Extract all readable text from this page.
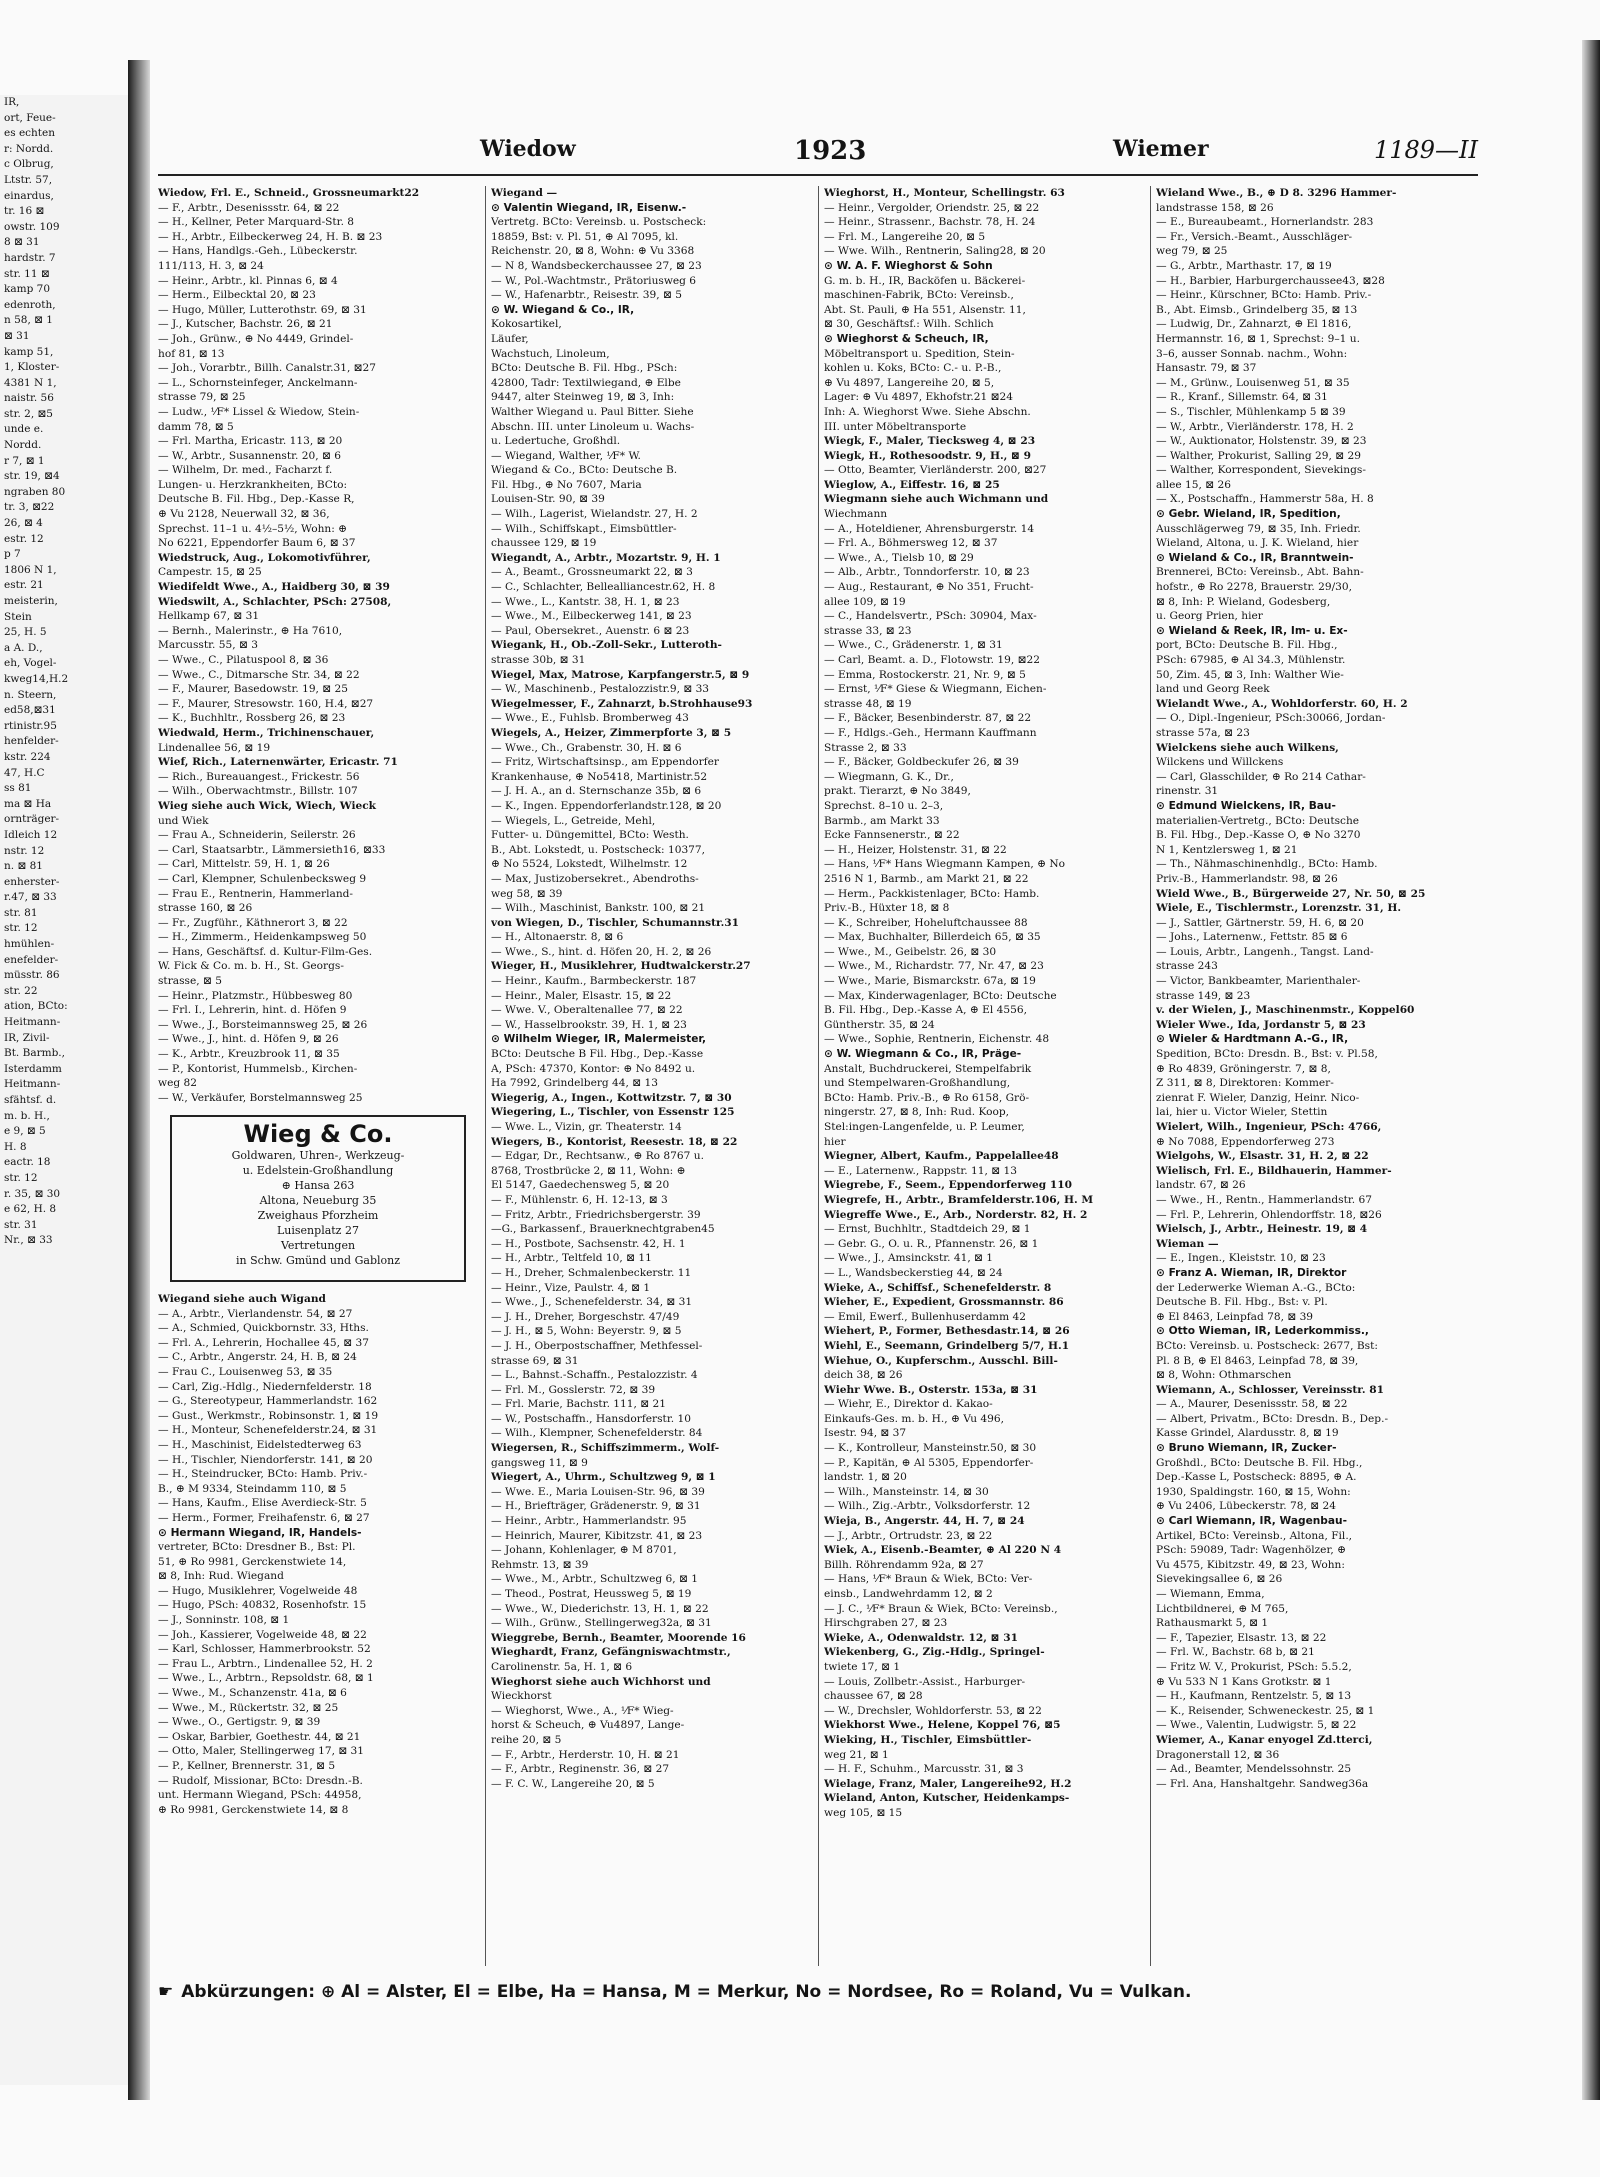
IR,
ort, Feue-
es echten
r: Nordd.
c Olbrug,
Ltstr. 57,
einardus,
tr. 16 ⊠
owstr. 109
8 ⊠ 31
hardstr. 7
str. 11 ⊠
kamp 70
edenroth,
n 58, ⊠ 1
⊠ 31
kamp 51,
1, Kloster-
4381 N 1,
naistr. 56
str. 2, ⊠5
unde e.
Nordd.
r 7, ⊠ 1
str. 19, ⊠4
ngraben 80
tr. 3, ⊠22
26, ⊠ 4
estr. 12
p 7
1806 N 1,
estr. 21
meisterin,
Stein
25, H. 5
a A. D.,
eh, Vogel-
kweg14,H.2
n. Steern,
ed58,⊠31
rtinistr.95
henfelder-
kstr. 224
47, H.C
ss 81
ma ⊠ Ha
ornträger-
Idleich 12
nstr. 12
n. ⊠ 81
enherster-
r.47, ⊠ 33
str. 81
str. 12
hmühlen-
enefelder-
müsstr. 86
str. 22
ation, BCto:
Heitmann-
IR, Zivil-
Bt. Barmb.,
Isterdamm
Heitmann-
sfähtsf. d.
m. b. H.,
e 9, ⊠ 5
H. 8
eactr. 18
str. 12
r. 35, ⊠ 30
e 62, H. 8
str. 31
Nr., ⊠ 33
Wiedow	1923	Wiemer	1189—II
Wiedow, Frl. E., Schneid., Grossneumarkt22
— F., Arbtr., Desenissstr. 64, ⊠ 22
— H., Kellner, Peter Marquard-Str. 8
— H., Arbtr., Eilbeckerweg 24, H. B. ⊠ 23
— Hans, Handlgs.-Geh., Lübeckerstr.
111/113, H. 3, ⊠ 24
— Heinr., Arbtr., kl. Pinnas 6, ⊠ 4
— Herm., Eilbecktal 20, ⊠ 23
— Hugo, Müller, Lutterothstr. 69, ⊠ 31
— J., Kutscher, Bachstr. 26, ⊠ 21
— Joh., Grünw., ⊕ No 4449, Grindel-
hof 81, ⊠ 13
— Joh., Vorarbtr., Billh. Canalstr.31, ⊠27
— L., Schornsteinfeger, Anckelmann-
strasse 79, ⊠ 25
— Ludw., ⅟F* Lissel & Wiedow, Stein-
damm 78, ⊠ 5
— Frl. Martha, Ericastr. 113, ⊠ 20
— W., Arbtr., Susannenstr. 20, ⊠ 6
— Wilhelm, Dr. med., Facharzt f.
Lungen- u. Herzkrankheiten, BCto:
Deutsche B. Fil. Hbg., Dep.-Kasse R,
⊕ Vu 2128, Neuerwall 32, ⊠ 36,
Sprechst. 11–1 u. 4½–5½, Wohn: ⊕
No 6221, Eppendorfer Baum 6, ⊠ 37
Wiedstruck, Aug., Lokomotivführer,
Campestr. 15, ⊠ 25
Wiedifeldt Wwe., A., Haidberg 30, ⊠ 39
Wiedswilt, A., Schlachter, PSch: 27508,
Hellkamp 67, ⊠ 31
— Bernh., Malerinstr., ⊕ Ha 7610,
Marcusstr. 55, ⊠ 3
— Wwe., C., Pilatuspool 8, ⊠ 36
— Wwe., C., Ditmarsche Str. 34, ⊠ 22
— F., Maurer, Basedowstr. 19, ⊠ 25
— F., Maurer, Stresowstr. 160, H.4, ⊠27
— K., Buchhltr., Rossberg 26, ⊠ 23
Wiedwald, Herm., Trichinenschauer,
Lindenallee 56, ⊠ 19
Wief, Rich., Laternenwärter, Ericastr. 71
— Rich., Bureauangest., Frickestr. 56
— Wilh., Oberwachtmstr., Billstr. 107
Wieg siehe auch Wick, Wiech, Wieck
und Wiek
— Frau A., Schneiderin, Seilerstr. 26
— Carl, Staatsarbtr., Lämmersieth16, ⊠33
— Carl, Mittelstr. 59, H. 1, ⊠ 26
— Carl, Klempner, Schulenbecksweg 9
— Frau E., Rentnerin, Hammerland-
strasse 160, ⊠ 26
— Fr., Zugführ., Käthnerort 3, ⊠ 22
— H., Zimmerm., Heidenkampsweg 50
— Hans, Geschäftsf. d. Kultur-Film-Ges.
W. Fick & Co. m. b. H., St. Georgs-
strasse, ⊠ 5
— Heinr., Platzmstr., Hübbesweg 80
— Frl. I., Lehrerin, hint. d. Höfen 9
— Wwe., J., Borsteimannsweg 25, ⊠ 26
— Wwe., J., hint. d. Höfen 9, ⊠ 26
— K., Arbtr., Kreuzbrook 11, ⊠ 35
— P., Kontorist, Hummelsb., Kirchen-
weg 82
— W., Verkäufer, Borstelmannsweg 25
Wieg & Co.
Goldwaren, Uhren-, Werkzeug-
u. Edelstein-Großhandlung
⊕ Hansa 263
Altona, Neueburg 35
Zweighaus Pforzheim
Luisenplatz 27
Vertretungen
in Schw. Gmünd und Gablonz
Wiegand siehe auch Wigand
— A., Arbtr., Vierlandenstr. 54, ⊠ 27
— A., Schmied, Quickbornstr. 33, Hths.
— Frl. A., Lehrerin, Hochallee 45, ⊠ 37
— C., Arbtr., Angerstr. 24, H. B, ⊠ 24
— Frau C., Louisenweg 53, ⊠ 35
— Carl, Zig.-Hdlg., Niedernfelderstr. 18
— G., Stereotypeur, Hammerlandstr. 162
— Gust., Werkmstr., Robinsonstr. 1, ⊠ 19
— H., Monteur, Schenefelderstr.24, ⊠ 31
— H., Maschinist, Eidelstedterweg 63
— H., Tischler, Niendorferstr. 141, ⊠ 20
— H., Steindrucker, BCto: Hamb. Priv.-
B., ⊕ M 9334, Steindamm 110, ⊠ 5
— Hans, Kaufm., Elise Averdieck-Str. 5
— Herm., Former, Freihafenstr. 6, ⊠ 27
⊙ Hermann Wiegand, IR, Handels-
vertreter, BCto: Dresdner B., Bst: Pl.
51, ⊕ Ro 9981, Gerckenstwiete 14,
⊠ 8, Inh: Rud. Wiegand
— Hugo, Musiklehrer, Vogelweide 48
— Hugo, PSch: 40832, Rosenhofstr. 15
— J., Sonninstr. 108, ⊠ 1
— Joh., Kassierer, Vogelweide 48, ⊠ 22
— Karl, Schlosser, Hammerbrookstr. 52
— Frau L., Arbtrn., Lindenallee 52, H. 2
— Wwe., L., Arbtrn., Repsoldstr. 68, ⊠ 1
— Wwe., M., Schanzenstr. 41a, ⊠ 6
— Wwe., M., Rückertstr. 32, ⊠ 25
— Wwe., O., Gertigstr. 9, ⊠ 39
— Oskar, Barbier, Goethestr. 44, ⊠ 21
— Otto, Maler, Stellingerweg 17, ⊠ 31
— P., Kellner, Brennerstr. 31, ⊠ 5
— Rudolf, Missionar, BCto: Dresdn.-B.
unt. Hermann Wiegand, PSch: 44958,
⊕ Ro 9981, Gerckenstwiete 14, ⊠ 8
Wiegand —
⊙ Valentin Wiegand, IR, Eisenw.-
Vertretg. BCto: Vereinsb. u. Postscheck:
18859, Bst: v. Pl. 51, ⊕ Al 7095, kl.
Reichenstr. 20, ⊠ 8, Wohn: ⊕ Vu 3368
— N 8, Wandsbeckerchaussee 27, ⊠ 23
— W., Pol.-Wachtmstr., Prätoriusweg 6
— W., Hafenarbtr., Reisestr. 39, ⊠ 5
⊙ W. Wiegand & Co., IR,
Kokosartikel,
Läufer,
Wachstuch, Linoleum,
BCto: Deutsche B. Fil. Hbg., PSch:
42800, Tadr: Textilwiegand, ⊕ Elbe
9447, alter Steinweg 19, ⊠ 3, Inh:
Walther Wiegand u. Paul Bitter. Siehe
Abschn. III. unter Linoleum u. Wachs-
u. Ledertuche, Großhdl.
— Wiegand, Walther, ⅟F* W.
Wiegand & Co., BCto: Deutsche B.
Fil. Hbg., ⊕ No 7607, Maria
Louisen-Str. 90, ⊠ 39
— Wilh., Lagerist, Wielandstr. 27, H. 2
— Wilh., Schiffskapt., Eimsbüttler-
chaussee 129, ⊠ 19
Wiegandt, A., Arbtr., Mozartstr. 9, H. 1
— A., Beamt., Grossneumarkt 22, ⊠ 3
— C., Schlachter, Bellealliancestr.62, H. 8
— Wwe., L., Kantstr. 38, H. 1, ⊠ 23
— Wwe., M., Eilbeckerweg 141, ⊠ 23
— Paul, Obersekret., Auenstr. 6 ⊠ 23
Wiegank, H., Ob.-Zoll-Sekr., Lutteroth-
strasse 30b, ⊠ 31
Wiegel, Max, Matrose, Karpfangerstr.5, ⊠ 9
— W., Maschinenb., Pestalozzistr.9, ⊠ 33
Wiegelmesser, F., Zahnarzt, b.Strohhause93
— Wwe., E., Fuhlsb. Bromberweg 43
Wiegels, A., Heizer, Zimmerpforte 3, ⊠ 5
— Wwe., Ch., Grabenstr. 30, H. ⊠ 6
— Fritz, Wirtschaftsinsp., am Eppendorfer
Krankenhause, ⊕ No5418, Martinistr.52
— J. H. A., an d. Sternschanze 35b, ⊠ 6
— K., Ingen. Eppendorferlandstr.128, ⊠ 20
— Wiegels, L., Getreide, Mehl,
Futter- u. Düngemittel, BCto: Westh.
B., Abt. Lokstedt, u. Postscheck: 10377,
⊕ No 5524, Lokstedt, Wilhelmstr. 12
— Max, Justizobersekret., Abendroths-
weg 58, ⊠ 39
— Wilh., Maschinist, Bankstr. 100, ⊠ 21
von Wiegen, D., Tischler, Schumannstr.31
— H., Altonaerstr. 8, ⊠ 6
— Wwe., S., hint. d. Höfen 20, H. 2, ⊠ 26
Wieger, H., Musiklehrer, Hudtwalckerstr.27
— Heinr., Kaufm., Barmbeckerstr. 187
— Heinr., Maler, Elsastr. 15, ⊠ 22
— Wwe. V., Oberaltenallee 77, ⊠ 22
— W., Hasselbrookstr. 39, H. 1, ⊠ 23
⊙ Wilhelm Wieger, IR, Malermeister,
BCto: Deutsche B Fil. Hbg., Dep.-Kasse
A, PSch: 47370, Kontor: ⊕ No 8492 u.
Ha 7992, Grindelberg 44, ⊠ 13
Wiegerig, A., Ingen., Kottwitzstr. 7, ⊠ 30
Wiegering, L., Tischler, von Essenstr 125
— Wwe. L., Vizin, gr. Theaterstr. 14
Wiegers, B., Kontorist, Reesestr. 18, ⊠ 22
— Edgar, Dr., Rechtsanw., ⊕ Ro 8767 u.
8768, Trostbrücke 2, ⊠ 11, Wohn: ⊕
El 5147, Gaedechensweg 5, ⊠ 20
— F., Mühlenstr. 6, H. 12-13, ⊠ 3
— Fritz, Arbtr., Friedrichsbergerstr. 39
—G., Barkassenf., Brauerknechtgraben45
— H., Postbote, Sachsenstr. 42, H. 1
— H., Arbtr., Teltfeld 10, ⊠ 11
— H., Dreher, Schmalenbeckerstr. 11
— Heinr., Vize, Paulstr. 4, ⊠ 1
— Wwe., J., Schenefelderstr. 34, ⊠ 31
— J. H., Dreher, Borgeschstr. 47/49
— J. H., ⊠ 5, Wohn: Beyerstr. 9, ⊠ 5
— J. H., Oberpostschaffner, Methfessel-
strasse 69, ⊠ 31
— L., Bahnst.-Schaffn., Pestalozzistr. 4
— Frl. M., Gosslerstr. 72, ⊠ 39
— Frl. Marie, Bachstr. 111, ⊠ 21
— W., Postschaffn., Hansdorferstr. 10
— Wilh., Klempner, Schenefelderstr. 84
Wiegersen, R., Schiffszimmerm., Wolf-
gangsweg 11, ⊠ 9
Wiegert, A., Uhrm., Schultzweg 9, ⊠ 1
— Wwe. E., Maria Louisen-Str. 96, ⊠ 39
— H., Briefträger, Grädenerstr. 9, ⊠ 31
— Heinr., Arbtr., Hammerlandstr. 95
— Heinrich, Maurer, Kibitzstr. 41, ⊠ 23
— Johann, Kohlenlager, ⊕ M 8701,
Rehmstr. 13, ⊠ 39
— Wwe., M., Arbtr., Schultzweg 6, ⊠ 1
— Theod., Postrat, Heussweg 5, ⊠ 19
— Wwe., W., Diederichstr. 13, H. 1, ⊠ 22
— Wilh., Grünw., Stellingerweg32a, ⊠ 31
Wieggrebe, Bernh., Beamter, Moorende 16
Wieghardt, Franz, Gefängniswachtmstr.,
Carolinenstr. 5a, H. 1, ⊠ 6
Wieghorst siehe auch Wichhorst und
Wieckhorst
— Wieghorst, Wwe., A., ⅟F* Wieg-
horst & Scheuch, ⊕ Vu4897, Lange-
reihe 20, ⊠ 5
— F., Arbtr., Herderstr. 10, H. ⊠ 21
— F., Arbtr., Reginenstr. 36, ⊠ 27
— F. C. W., Langereihe 20, ⊠ 5
Wieghorst, H., Monteur, Schellingstr. 63
— Heinr., Vergolder, Oriendstr. 25, ⊠ 22
— Heinr., Strassenr., Bachstr. 78, H. 24
— Frl. M., Langereihe 20, ⊠ 5
— Wwe. Wilh., Rentnerin, Saling28, ⊠ 20
⊙ W. A. F. Wieghorst & Sohn
G. m. b. H., IR, Backöfen u. Bäckerei-
maschinen-Fabrik, BCto: Vereinsb.,
Abt. St. Pauli, ⊕ Ha 551, Alsenstr. 11,
⊠ 30, Geschäftsf.: Wilh. Schlich
⊙ Wieghorst & Scheuch, IR,
Möbeltransport u. Spedition, Stein-
kohlen u. Koks, BCto: C.- u. P.-B.,
⊕ Vu 4897, Langereihe 20, ⊠ 5,
Lager: ⊕ Vu 4897, Ekhofstr.21 ⊠24
Inh: A. Wieghorst Wwe. Siehe Abschn.
III. unter Möbeltransporte
Wiegk, F., Maler, Tiecksweg 4, ⊠ 23
Wiegk, H., Rothesoodstr. 9, H., ⊠ 9
— Otto, Beamter, Vierländerstr. 200, ⊠27
Wieglow, A., Eiffestr. 16, ⊠ 25
Wiegmann siehe auch Wichmann und
Wiechmann
— A., Hoteldiener, Ahrensburgerstr. 14
— Frl. A., Böhmersweg 12, ⊠ 37
— Wwe., A., Tielsb 10, ⊠ 29
— Alb., Arbtr., Tonndorferstr. 10, ⊠ 23
— Aug., Restaurant, ⊕ No 351, Frucht-
allee 109, ⊠ 19
— C., Handelsvertr., PSch: 30904, Max-
strasse 33, ⊠ 23
— Wwe., C., Grädenerstr. 1, ⊠ 31
— Carl, Beamt. a. D., Flotowstr. 19, ⊠22
— Emma, Rostockerstr. 21, Nr. 9, ⊠ 5
— Ernst, ⅟F* Giese & Wiegmann, Eichen-
strasse 48, ⊠ 19
— F., Bäcker, Besenbinderstr. 87, ⊠ 22
— F., Hdlgs.-Geh., Hermann Kauffmann
Strasse 2, ⊠ 33
— F., Bäcker, Goldbeckufer 26, ⊠ 39
— Wiegmann, G. K., Dr.,
prakt. Tierarzt, ⊕ No 3849,
Sprechst. 8–10 u. 2–3,
Barmb., am Markt 33
Ecke Fannsenerstr., ⊠ 22
— H., Heizer, Holstenstr. 31, ⊠ 22
— Hans, ⅟F* Hans Wiegmann Kampen, ⊕ No
2516 N 1, Barmb., am Markt 21, ⊠ 22
— Herm., Packkistenlager, BCto: Hamb.
Priv.-B., Hüxter 18, ⊠ 8
— K., Schreiber, Hoheluftchaussee 88
— Max, Buchhalter, Billerdeich 65, ⊠ 35
— Wwe., M., Geibelstr. 26, ⊠ 30
— Wwe., M., Richardstr. 77, Nr. 47, ⊠ 23
— Wwe., Marie, Bismarckstr. 67a, ⊠ 19
— Max, Kinderwagenlager, BCto: Deutsche
B. Fil. Hbg., Dep.-Kasse A, ⊕ El 4556,
Güntherstr. 35, ⊠ 24
— Wwe., Sophie, Rentnerin, Eichenstr. 48
⊙ W. Wiegmann & Co., IR, Präge-
Anstalt, Buchdruckerei, Stempelfabrik
und Stempelwaren-Großhandlung,
BCto: Hamb. Priv.-B., ⊕ Ro 6158, Grö-
ningerstr. 27, ⊠ 8, Inh: Rud. Koop,
Stel:ingen-Langenfelde, u. P. Leumer,
hier
Wiegner, Albert, Kaufm., Pappelallee48
— E., Laternenw., Rappstr. 11, ⊠ 13
Wiegrebe, F., Seem., Eppendorferweg 110
Wiegrefe, H., Arbtr., Bramfelderstr.106, H. M
Wiegreffe Wwe., E., Arb., Norderstr. 82, H. 2
— Ernst, Buchhltr., Stadtdeich 29, ⊠ 1
— Gebr. G., O. u. R., Pfannenstr. 26, ⊠ 1
— Wwe., J., Amsinckstr. 41, ⊠ 1
— L., Wandsbeckerstieg 44, ⊠ 24
Wieke, A., Schiffsf., Schenefelderstr. 8
Wieher, E., Expedient, Grossmannstr. 86
— Emil, Ewerf., Bullenhuserdamm 42
Wiehert, P., Former, Bethesdastr.14, ⊠ 26
Wiehl, E., Seemann, Grindelberg 5/7, H.1
Wiehue, O., Kupferschm., Ausschl. Bill-
deich 38, ⊠ 26
Wiehr Wwe. B., Osterstr. 153a, ⊠ 31
— Wiehr, E., Direktor d. Kakao-
Einkaufs-Ges. m. b. H., ⊕ Vu 496,
Isestr. 94, ⊠ 37
— K., Kontrolleur, Mansteinstr.50, ⊠ 30
— P., Kapitän, ⊕ Al 5305, Eppendorfer-
landstr. 1, ⊠ 20
— Wilh., Mansteinstr. 14, ⊠ 30
— Wilh., Zig.-Arbtr., Volksdorferstr. 12
Wieja, B., Angerstr. 44, H. 7, ⊠ 24
— J., Arbtr., Ortrudstr. 23, ⊠ 22
Wiek, A., Eisenb.-Beamter, ⊕ Al 220 N 4
Billh. Röhrendamm 92a, ⊠ 27
— Hans, ⅟F* Braun & Wiek, BCto: Ver-
einsb., Landwehrdamm 12, ⊠ 2
— J. C., ⅟F* Braun & Wiek, BCto: Vereinsb.,
Hirschgraben 27, ⊠ 23
Wieke, A., Odenwaldstr. 12, ⊠ 31
Wiekenberg, G., Zig.-Hdlg., Springel-
twiete 17, ⊠ 1
— Louis, Zollbetr.-Assist., Harburger-
chaussee 67, ⊠ 28
— W., Drechsler, Wohldorferstr. 53, ⊠ 22
Wiekhorst Wwe., Helene, Koppel 76, ⊠5
Wieking, H., Tischler, Eimsbüttler-
weg 21, ⊠ 1
— H. F., Schuhm., Marcusstr. 31, ⊠ 3
Wielage, Franz, Maler, Langereihe92, H.2
Wieland, Anton, Kutscher, Heidenkamps-
weg 105, ⊠ 15
Wieland Wwe., B., ⊕ D 8. 3296 Hammer-
landstrasse 158, ⊠ 26
— E., Bureaubeamt., Hornerlandstr. 283
— Fr., Versich.-Beamt., Ausschläger-
weg 79, ⊠ 25
— G., Arbtr., Marthastr. 17, ⊠ 19
— H., Barbier, Harburgerchaussee43, ⊠28
— Heinr., Kürschner, BCto: Hamb. Priv.-
B., Abt. Eimsb., Grindelberg 35, ⊠ 13
— Ludwig, Dr., Zahnarzt, ⊕ El 1816,
Hermannstr. 16, ⊠ 1, Sprechst: 9–1 u.
3–6, ausser Sonnab. nachm., Wohn:
Hansastr. 79, ⊠ 37
— M., Grünw., Louisenweg 51, ⊠ 35
— R., Kranf., Sillemstr. 64, ⊠ 31
— S., Tischler, Mühlenkamp 5 ⊠ 39
— W., Arbtr., Vierländerstr. 178, H. 2
— W., Auktionator, Holstenstr. 39, ⊠ 23
— Walther, Prokurist, Salling 29, ⊠ 29
— Walther, Korrespondent, Sievekings-
allee 15, ⊠ 26
— X., Postschaffn., Hammerstr 58a, H. 8
⊙ Gebr. Wieland, IR, Spedition,
Ausschlägerweg 79, ⊠ 35, Inh. Friedr.
Wieland, Altona, u. J. K. Wieland, hier
⊙ Wieland & Co., IR, Branntwein-
Brennerei, BCto: Vereinsb., Abt. Bahn-
hofstr., ⊕ Ro 2278, Brauerstr. 29/30,
⊠ 8, Inh: P. Wieland, Godesberg,
u. Georg Prien, hier
⊙ Wieland & Reek, IR, Im- u. Ex-
port, BCto: Deutsche B. Fil. Hbg.,
PSch: 67985, ⊕ Al 34.3, Mühlenstr.
50, Zim. 45, ⊠ 3, Inh: Walther Wie-
land und Georg Reek
Wielandt Wwe., A., Wohldorferstr. 60, H. 2
— O., Dipl.-Ingenieur, PSch:30066, Jordan-
strasse 57a, ⊠ 23
Wielckens siehe auch Wilkens,
Wilckens und Willckens
— Carl, Glasschilder, ⊕ Ro 214 Cathar-
rinenstr. 31
⊙ Edmund Wielckens, IR, Bau-
materialien-Vertretg., BCto: Deutsche
B. Fil. Hbg., Dep.-Kasse O, ⊕ No 3270
N 1, Kentzlersweg 1, ⊠ 21
— Th., Nähmaschinenhdlg., BCto: Hamb.
Priv.-B., Hammerlandstr. 98, ⊠ 26
Wield Wwe., B., Bürgerweide 27, Nr. 50, ⊠ 25
Wiele, E., Tischlermstr., Lorenzstr. 31, H.
— J., Sattler, Gärtnerstr. 59, H. 6, ⊠ 20
— Johs., Laternenw., Fettstr. 85 ⊠ 6
— Louis, Arbtr., Langenh., Tangst. Land-
strasse 243
— Victor, Bankbeamter, Marienthaler-
strasse 149, ⊠ 23
v. der Wielen, J., Maschinenmstr., Koppel60
Wieler Wwe., Ida, Jordanstr 5, ⊠ 23
⊙ Wieler & Hardtmann A.-G., IR,
Spedition, BCto: Dresdn. B., Bst: v. Pl.58,
⊕ Ro 4839, Gröningerstr. 7, ⊠ 8,
Z 311, ⊠ 8, Direktoren: Kommer-
zienrat F. Wieler, Danzig, Heinr. Nico-
lai, hier u. Victor Wieler, Stettin
Wielert, Wilh., Ingenieur, PSch: 4766,
⊕ No 7088, Eppendorferweg 273
Wielgohs, W., Elsastr. 31, H. 2, ⊠ 22
Wielisch, Frl. E., Bildhauerin, Hammer-
landstr. 67, ⊠ 26
— Wwe., H., Rentn., Hammerlandstr. 67
— Frl. P., Lehrerin, Ohlendorffstr. 18, ⊠26
Wielsch, J., Arbtr., Heinestr. 19, ⊠ 4
Wieman —
— E., Ingen., Kleiststr. 10, ⊠ 23
⊙ Franz A. Wieman, IR, Direktor
der Lederwerke Wieman A.-G., BCto:
Deutsche B. Fil. Hbg., Bst: v. Pl.
⊕ El 8463, Leinpfad 78, ⊠ 39
⊙ Otto Wieman, IR, Lederkommiss.,
BCto: Vereinsb. u. Postscheck: 2677, Bst:
Pl. 8 B, ⊕ El 8463, Leinpfad 78, ⊠ 39,
⊠ 8, Wohn: Othmarschen
Wiemann, A., Schlosser, Vereinsstr. 81
— A., Maurer, Desenissstr. 58, ⊠ 22
— Albert, Privatm., BCto: Dresdn. B., Dep.-
Kasse Grindel, Alardusstr. 8, ⊠ 19
⊙ Bruno Wiemann, IR, Zucker-
Großhdl., BCto: Deutsche B. Fil. Hbg.,
Dep.-Kasse L, Postscheck: 8895, ⊕ A.
1930, Spaldingstr. 160, ⊠ 15, Wohn:
⊕ Vu 2406, Lübeckerstr. 78, ⊠ 24
⊙ Carl Wiemann, IR, Wagenbau-
Artikel, BCto: Vereinsb., Altona, Fil.,
PSch: 59089, Tadr: Wagenhölzer, ⊕
Vu 4575, Kibitzstr. 49, ⊠ 23, Wohn:
Sievekingsallee 6, ⊠ 26
— Wiemann, Emma,
Lichtbildnerei, ⊕ M 765,
Rathausmarkt 5, ⊠ 1
— F., Tapezier, Elsastr. 13, ⊠ 22
— Frl. W., Bachstr. 68 b, ⊠ 21
— Fritz W. V., Prokurist, PSch: 5.5.2,
⊕ Vu 533 N 1 Kans Grotkstr. ⊠ 1
— H., Kaufmann, Rentzelstr. 5, ⊠ 13
— K., Reisender, Schweneckestr. 25, ⊠ 1
— Wwe., Valentin, Ludwigstr. 5, ⊠ 22
Wiemer, A., Kanar enyogel Zd.tterci,
Dragonerstall 12, ⊠ 36
— Ad., Beamter, Mendelssohnstr. 25
— Frl. Ana, Hanshaltgehr. Sandweg36a
☛ Abkürzungen: ⊕ Al = Alster, El = Elbe, Ha = Hansa, M = Merkur, No = Nordsee, Ro = Roland, Vu = Vulkan.
